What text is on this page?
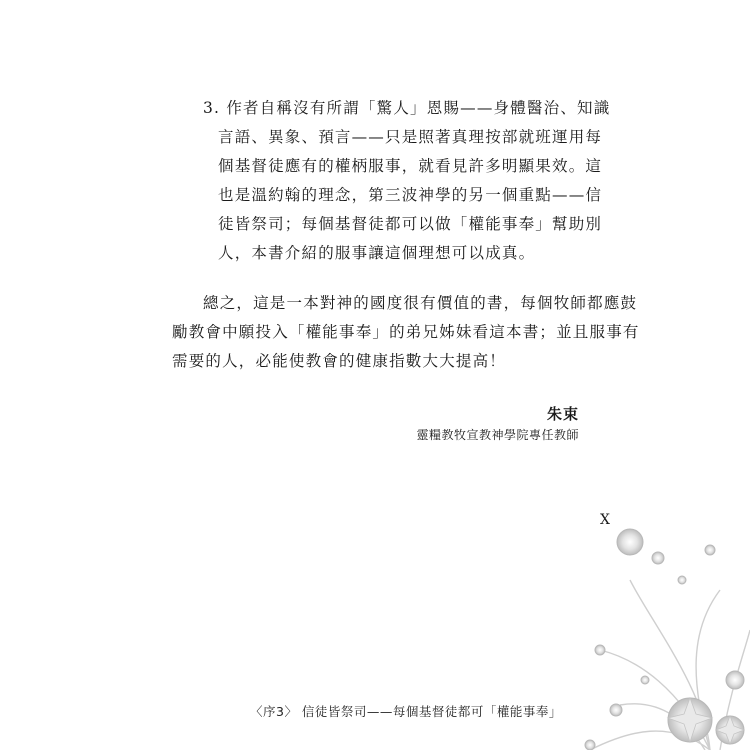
3. 作者自稱沒有所謂「驚人」恩賜——身體醫治、知識
言語、異象、預言——只是照著真理按部就班運用每
個基督徒應有的權柄服事，就看見許多明顯果效。這
也是溫約翰的理念，第三波神學的另一個重點——信
徒皆祭司；每個基督徒都可以做「權能事奉」幫助別
人，本書介紹的服事讓這個理想可以成真。
總之，這是一本對神的國度很有價值的書，每個牧師都應鼓
勵教會中願投入「權能事奉」的弟兄姊妹看這本書；並且服事有
需要的人，必能使教會的健康指數大大提高！
朱束
靈糧教牧宣教神學院專任教師
X
〈序3〉 信徒皆祭司——每個基督徒都可「權能事奉」
